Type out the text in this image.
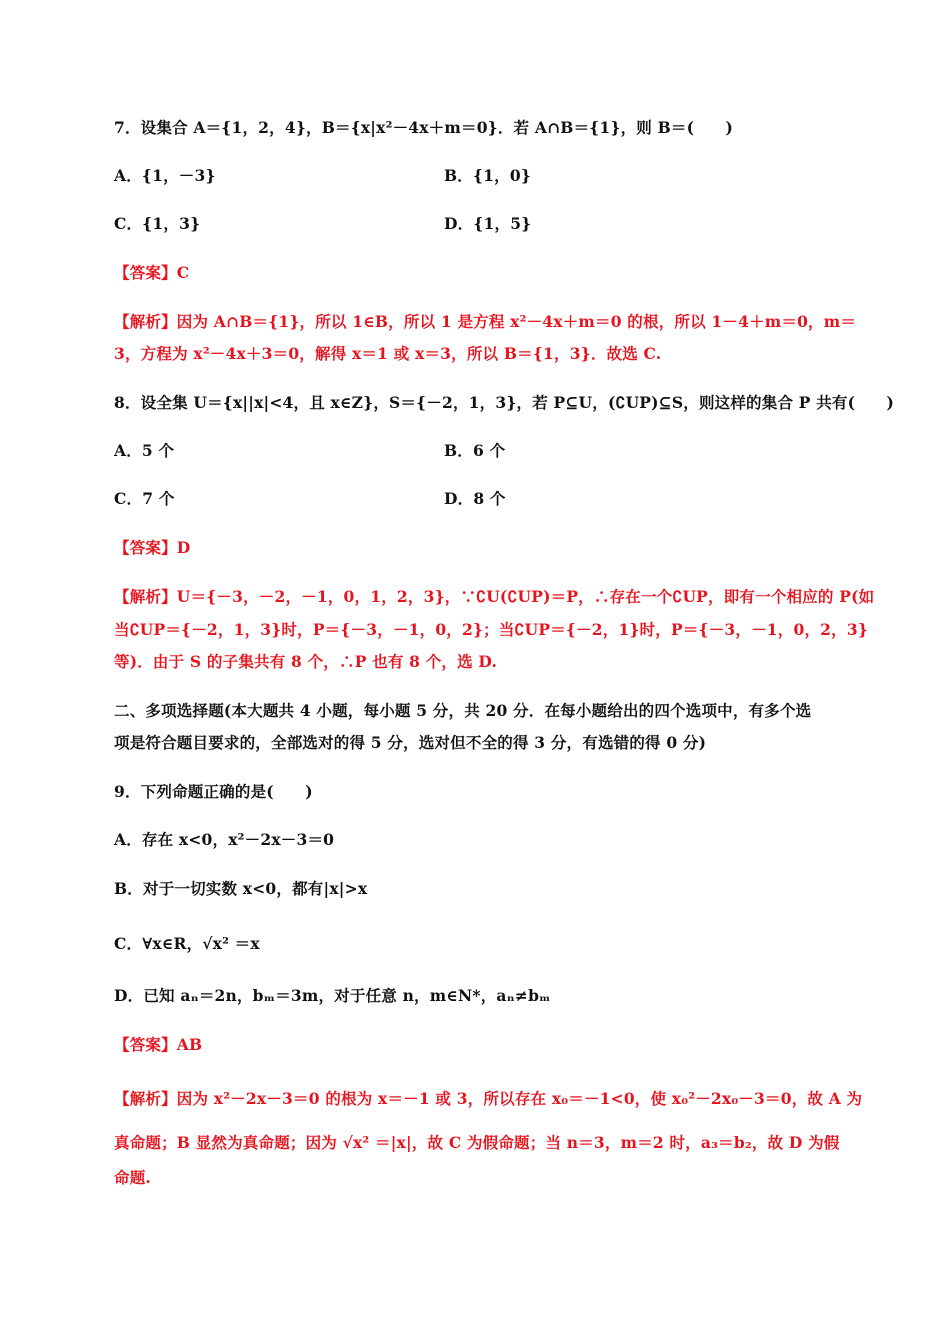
7．设集合 A＝{1，2，4}，B＝{x|x²－4x＋m＝0}．若 A∩B＝{1}，则 B＝(　　)
A．{1，－3}	B．{1，0}
C．{1，3}	D．{1，5}
【答案】C
【解析】因为 A∩B＝{1}，所以 1∈B，所以 1 是方程 x²－4x＋m＝0 的根，所以 1－4＋m＝0，m＝
3，方程为 x²－4x＋3＝0，解得 x＝1 或 x＝3，所以 B＝{1，3}．故选 C.
8．设全集 U＝{x||x|<4，且 x∈Z}，S＝{－2，1，3}，若 P⊆U，(∁UP)⊆S，则这样的集合 P 共有(　　)
A．5 个	B．6 个
C．7 个	D．8 个
【答案】D
【解析】U＝{－3，－2，－1，0，1，2，3}，∵∁U(∁UP)＝P，∴存在一个∁UP，即有一个相应的 P(如
当∁UP＝{－2，1，3}时，P＝{－3，－1，0，2}；当∁UP＝{－2，1}时，P＝{－3，－1，0，2，3}
等)．由于 S 的子集共有 8 个，∴P 也有 8 个，选 D.
二、多项选择题(本大题共 4 小题，每小题 5 分，共 20 分．在每小题给出的四个选项中，有多个选
项是符合题目要求的，全部选对的得 5 分，选对但不全的得 3 分，有选错的得 0 分)
9．下列命题正确的是(　　)
A．存在 x<0，x²－2x－3＝0
B．对于一切实数 x<0，都有|x|>x
C．∀x∈R，√x² ＝x
D．已知 aₙ＝2n，bₘ＝3m，对于任意 n，m∈N*，aₙ≠bₘ
【答案】AB
【解析】因为 x²－2x－3＝0 的根为 x＝－1 或 3，所以存在 x₀＝－1<0，使 x₀²－2x₀－3＝0，故 A 为
真命题；B 显然为真命题；因为 √x² ＝|x|，故 C 为假命题；当 n＝3，m＝2 时，a₃＝b₂，故 D 为假
命题.
